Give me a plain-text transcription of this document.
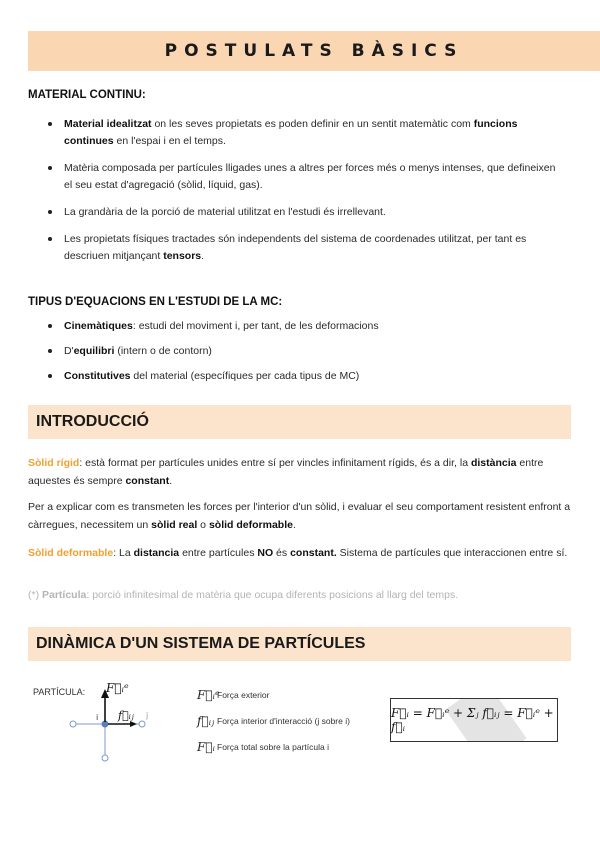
POSTULATS BÀSICS
MATERIAL CONTINU:
Material idealitzat on les seves propietats es poden definir en un sentit matemàtic com funcions continues en l'espai i en el temps.
Matèria composada per partícules lligades unes a altres per forces més o menys intenses, que defineixen el seu estat d'agregació (sòlid, líquid, gas).
La grandària de la porció de material utilitzat en l'estudi és irrellevant.
Les propietats físiques tractades són independents del sistema de coordenades utilitzat, per tant es descriuen mitjançant tensors.
TIPUS D'EQUACIONS EN L'ESTUDI DE LA MC:
Cinemàtiques: estudi del moviment i, per tant, de les deformacions
D'equilibri (intern o de contorn)
Constitutives del material (específiques per cada tipus de MC)
INTRODUCCIÓ

Sòlid rígid: està format per partícules unides entre sí per vincles infinitament rígids, és a dir, la distància entre aquestes és sempre constant.

Per a explicar com es transmeten les forces per l'interior d'un sòlid, i evaluar el seu comportament resistent enfront a càrregues, necessitem un sòlid real o sòlid deformable.

Sòlid deformable: La distancia entre partícules NO és constant. Sistema de partícules que interaccionen entre sí.

(*) Partícula: porció infinitesimal de matèria que ocupa diferents posicions al llarg del temps.

DINÀMICA D'UN SISTEMA DE PARTÍCULES
PARTÍCULA: F⃗ᵢᵉ
f⃗ᵢⱼ
i	j
F⃗ᵢᵉ
Força exterior
f⃗ᵢⱼ Força interior d'interacció (j sobre i)
F⃗ᵢ Força total sobre la partícula i
F⃗ᵢ = F⃗ᵢᵉ + Σⱼ f⃗ᵢⱼ = F⃗ᵢᵉ + f⃗ᵢ
